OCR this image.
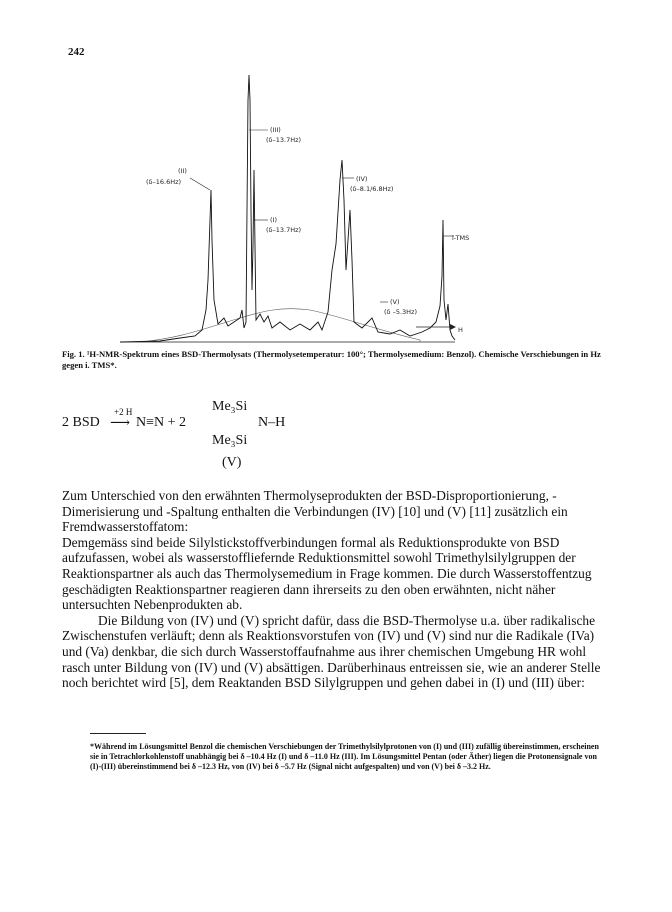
242
(II)
(δ–16.6Hz)
(III)
(δ–13.7Hz)
(I)
(δ–13.7Hz)
(IV)
(δ–8.1/6.8Hz)
(V)
(δ –5.3Hz)
i-TMS
H
Fig. 1. ¹H-NMR-Spektrum eines BSD-Thermolysats (Thermolysetemperatur: 100°; Thermolysemedium: Benzol). Chemische Verschiebungen in Hz gegen i. TMS*.
2 BSD
+2 H
⟶ N≡N + 2
Me₃Si
N–H
Me₃Si
(V)

Zum Unterschied von den erwähnten Thermolyseprodukten der BSD-Disproportionierung, -Dimerisierung und -Spaltung enthalten die Verbindungen (IV) [10] und (V) [11] zusätzlich ein Fremdwasserstoffatom:

Demgemäss sind beide Silylstickstoffverbindungen formal als Reduktionsprodukte von BSD aufzufassen, wobei als wasserstoffliefernde Reduktionsmittel sowohl Trimethylsilylgruppen der Reaktionspartner als auch das Thermolysemedium in Frage kommen. Die durch Wasserstoffentzug geschädigten Reaktionspartner reagieren dann ihrerseits zu den oben erwähnten, nicht näher untersuchten Nebenprodukten ab.

Die Bildung von (IV) und (V) spricht dafür, dass die BSD-Thermolyse u.a. über radikalische Zwischenstufen verläuft; denn als Reaktionsvorstufen von (IV) und (V) sind nur die Radikale (IVa) und (Va) denkbar, die sich durch Wasserstoffaufnahme aus ihrer chemischen Umgebung HR wohl rasch unter Bildung von (IV) und (V) absättigen. Darüberhinaus entreissen sie, wie an anderer Stelle noch berichtet wird [5], dem Reaktanden BSD Silylgruppen und gehen dabei in (I) und (III) über:

*Während im Lösungsmittel Benzol die chemischen Verschiebungen der Trimethylsilylprotonen von (I) und (III) zufällig übereinstimmen, erscheinen sie in Tetrachlorkohlenstoff unabhängig bei δ –10.4 Hz (I) und δ –11.0 Hz (III). Im Lösungsmittel Pentan (oder Äther) liegen die Protonensignale von (I)-(III) übereinstimmend bei δ –12.3 Hz, von (IV) bei δ –5.7 Hz (Signal nicht aufgespalten) und von (V) bei δ –3.2 Hz.
